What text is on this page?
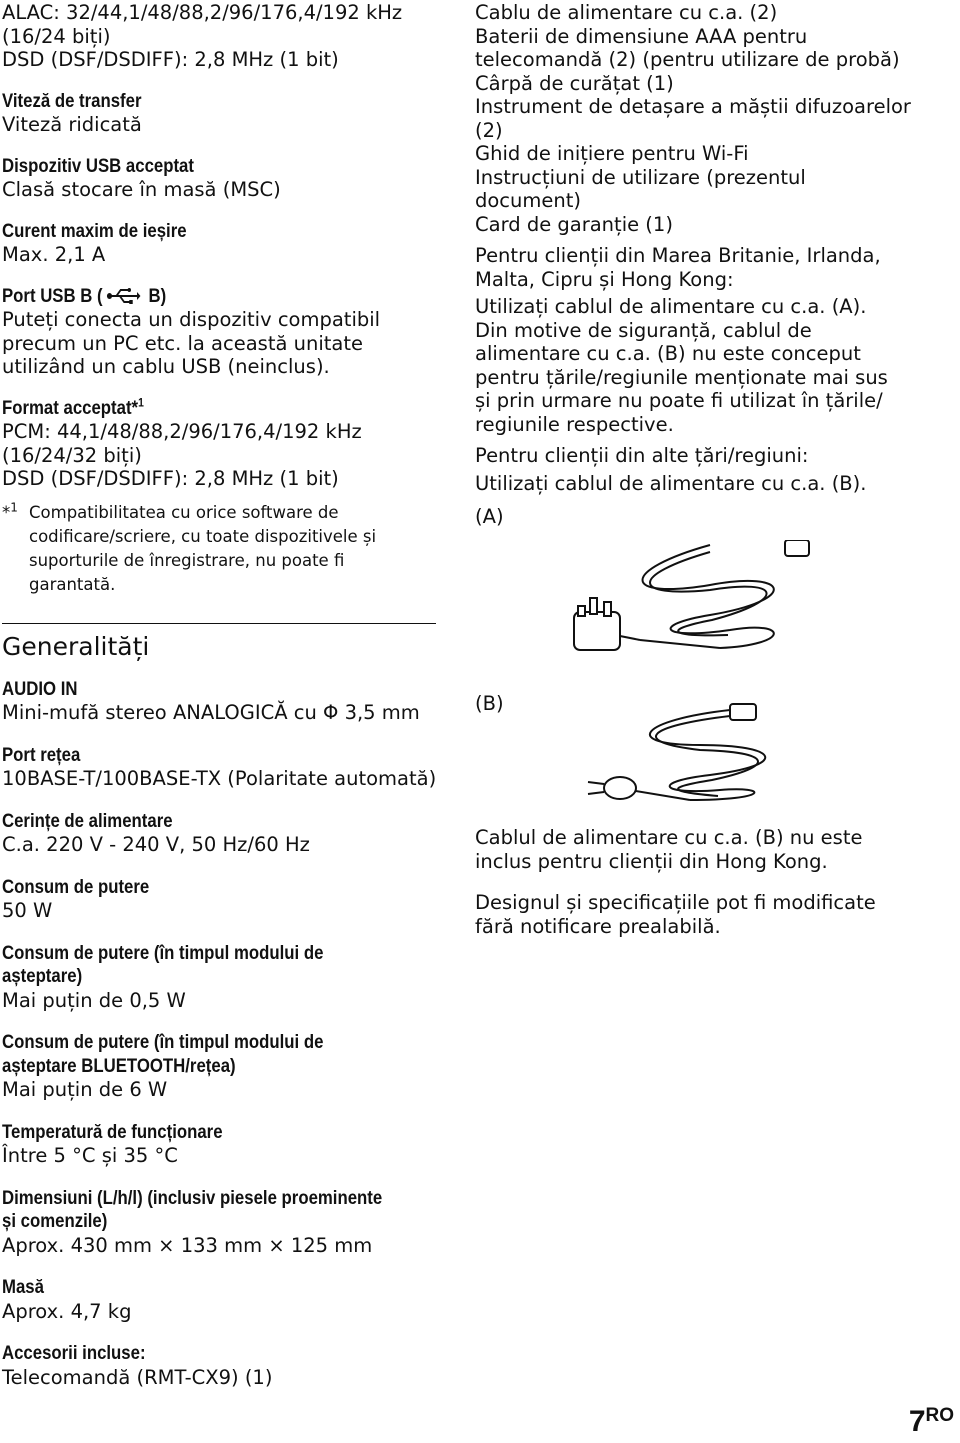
ALAC: 32/44,1/48/88,2/96/176,4/192 kHz

(16/24 biți)

DSD (DSF/DSDIFF): 2,8 MHz (1 bit)

Viteză de transfer

Viteză ridicată

Dispozitiv USB acceptat

Clasă stocare în masă (MSC)

Curent maxim de ieșire

Max. 2,1 A

Port USB B ( B)

Puteți conecta un dispozitiv compatibil

precum un PC etc. la această unitate

utilizând un cablu USB (neinclus).

Format acceptat*$^1$

PCM: 44,1/48/88,2/96/176,4/192 kHz

(16/24/32 biți)

DSD (DSF/DSDIFF): 2,8 MHz (1 bit)

*$^1$ Compatibilitatea cu orice software de
codificare/scriere, cu toate dispozitivele și
suporturile de înregistrare, nu poate fi
garantată.
Generalități

AUDIO IN

Mini-mufă stereo ANALOGICĂ cu Φ 3,5 mm

Port rețea

10BASE-T/100BASE-TX (Polaritate automată)

Cerințe de alimentare

C.a. 220 V - 240 V, 50 Hz/60 Hz

Consum de putere

50 W

Consum de putere (în timpul modului de

așteptare)

Mai puțin de 0,5 W

Consum de putere (în timpul modului de

așteptare BLUETOOTH/rețea)

Mai puțin de 6 W

Temperatură de funcționare

Între 5 °C și 35 °C

Dimensiuni (L/h/l) (inclusiv piesele proeminente

și comenzile)

Aprox. 430 mm × 133 mm × 125 mm

Masă

Aprox. 4,7 kg

Accesorii incluse:

Telecomandă (RMT-CX9) (1)

Cablu de alimentare cu c.a. (2)

Baterii de dimensiune AAA pentru

telecomandă (2) (pentru utilizare de probă)

Cârpă de curățat (1)

Instrument de detașare a măștii difuzoarelor

(2)

Ghid de inițiere pentru Wi-Fi

Instrucțiuni de utilizare (prezentul

document)

Card de garanție (1)

Pentru clienții din Marea Britanie, Irlanda,

Malta, Cipru și Hong Kong:

Utilizați cablul de alimentare cu c.a. (A).

Din motive de siguranță, cablul de

alimentare cu c.a. (B) nu este conceput

pentru țările/regiunile menționate mai sus

și prin urmare nu poate fi utilizat în țările/

regiunile respective.

Pentru clienții din alte țări/regiuni:

Utilizați cablul de alimentare cu c.a. (B).

(A)

(B)

Cablul de alimentare cu c.a. (B) nu este

inclus pentru clienții din Hong Kong.

Designul și specificațiile pot fi modificate

fără notificare prealabilă.

$7^{RO}$
